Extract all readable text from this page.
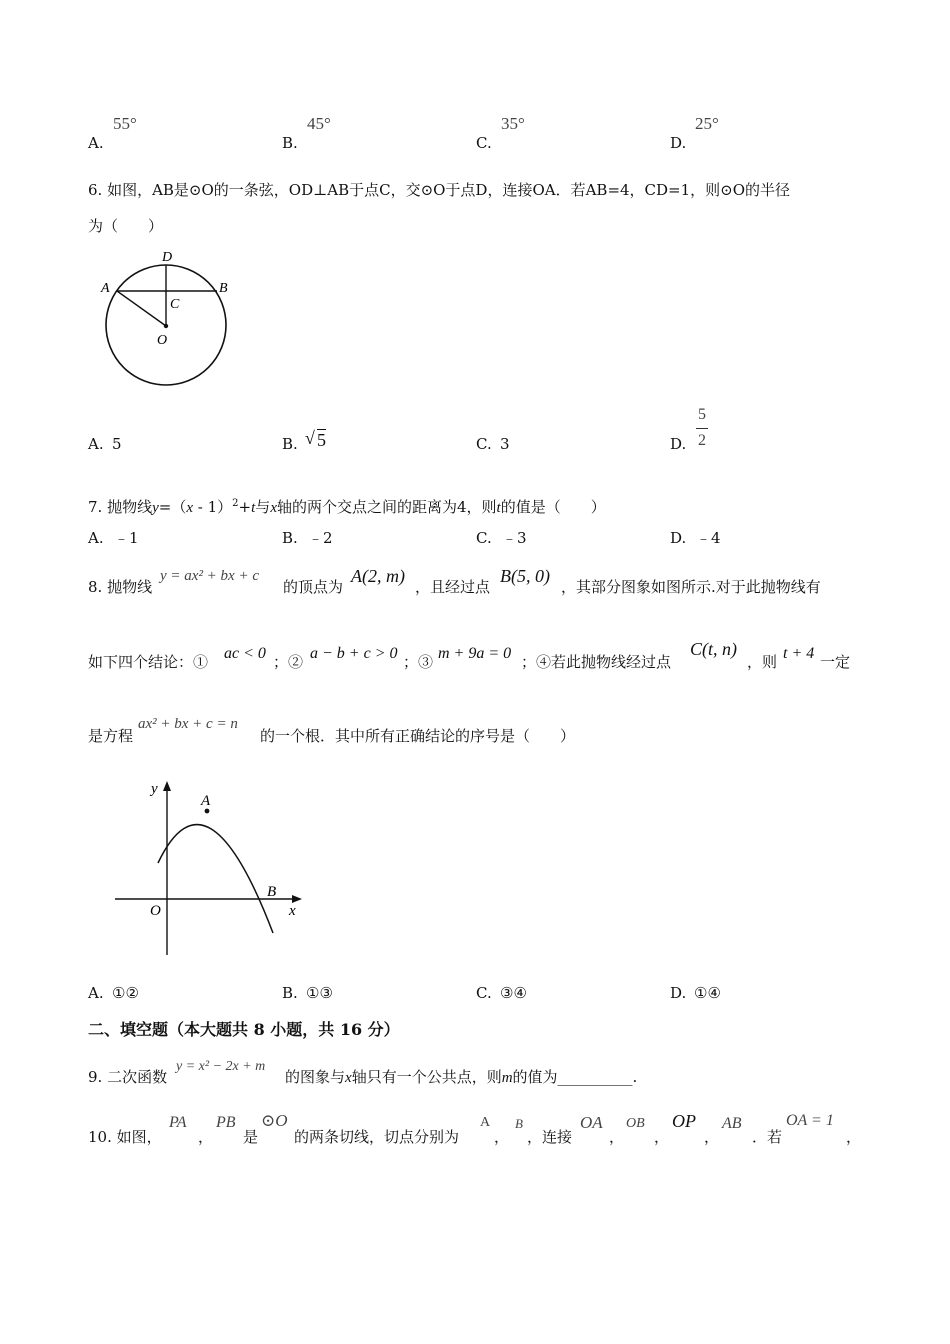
A.
55°
B.
45°
C.
35°
D.
25°
6. 如图，AB是⊙O的一条弦，OD⊥AB于点C，交⊙O于点D，连接OA．若AB=4，CD=1，则⊙O的半径
为（　　）
D
A	B
C
O
A. 5	B. √ 5	C. 3	D.
5
2
7. 抛物线y=（x - 1）$^2$+t与x轴的两个交点之间的距离为4，则t的值是（　　）
A. ﹣1	B. ﹣2	C. ﹣3	D. ﹣4
8. 抛物线
y = ax² + bx + c
的顶点为
A(2, m)
，且经过点
B(5, 0)
，其部分图象如图所示.对于此抛物线有
如下四个结论：① ac < 0 ；② a − b + c > 0 ；③ m + 9a = 0 ；④若此抛物线经过点
C(t, n)
，则 t + 4 一定
是方程
ax² + bx + c = n
的一个根．其中所有正确结论的序号是（　　）
y
A
O
B
x
A. ①②	B. ①③	C. ③④	D. ①④
二、填空题（本大题共 8 小题，共 16 分）
9. 二次函数
y = x² − 2x + m
的图象与x轴只有一个公共点，则m的值为__________.
10. 如图，
PA
，
PB
是
⊙O
的两条切线，切点分别为
A
，
B
，连接
OA
，
OB
，
OP
，
AB
．若
OA = 1
，
